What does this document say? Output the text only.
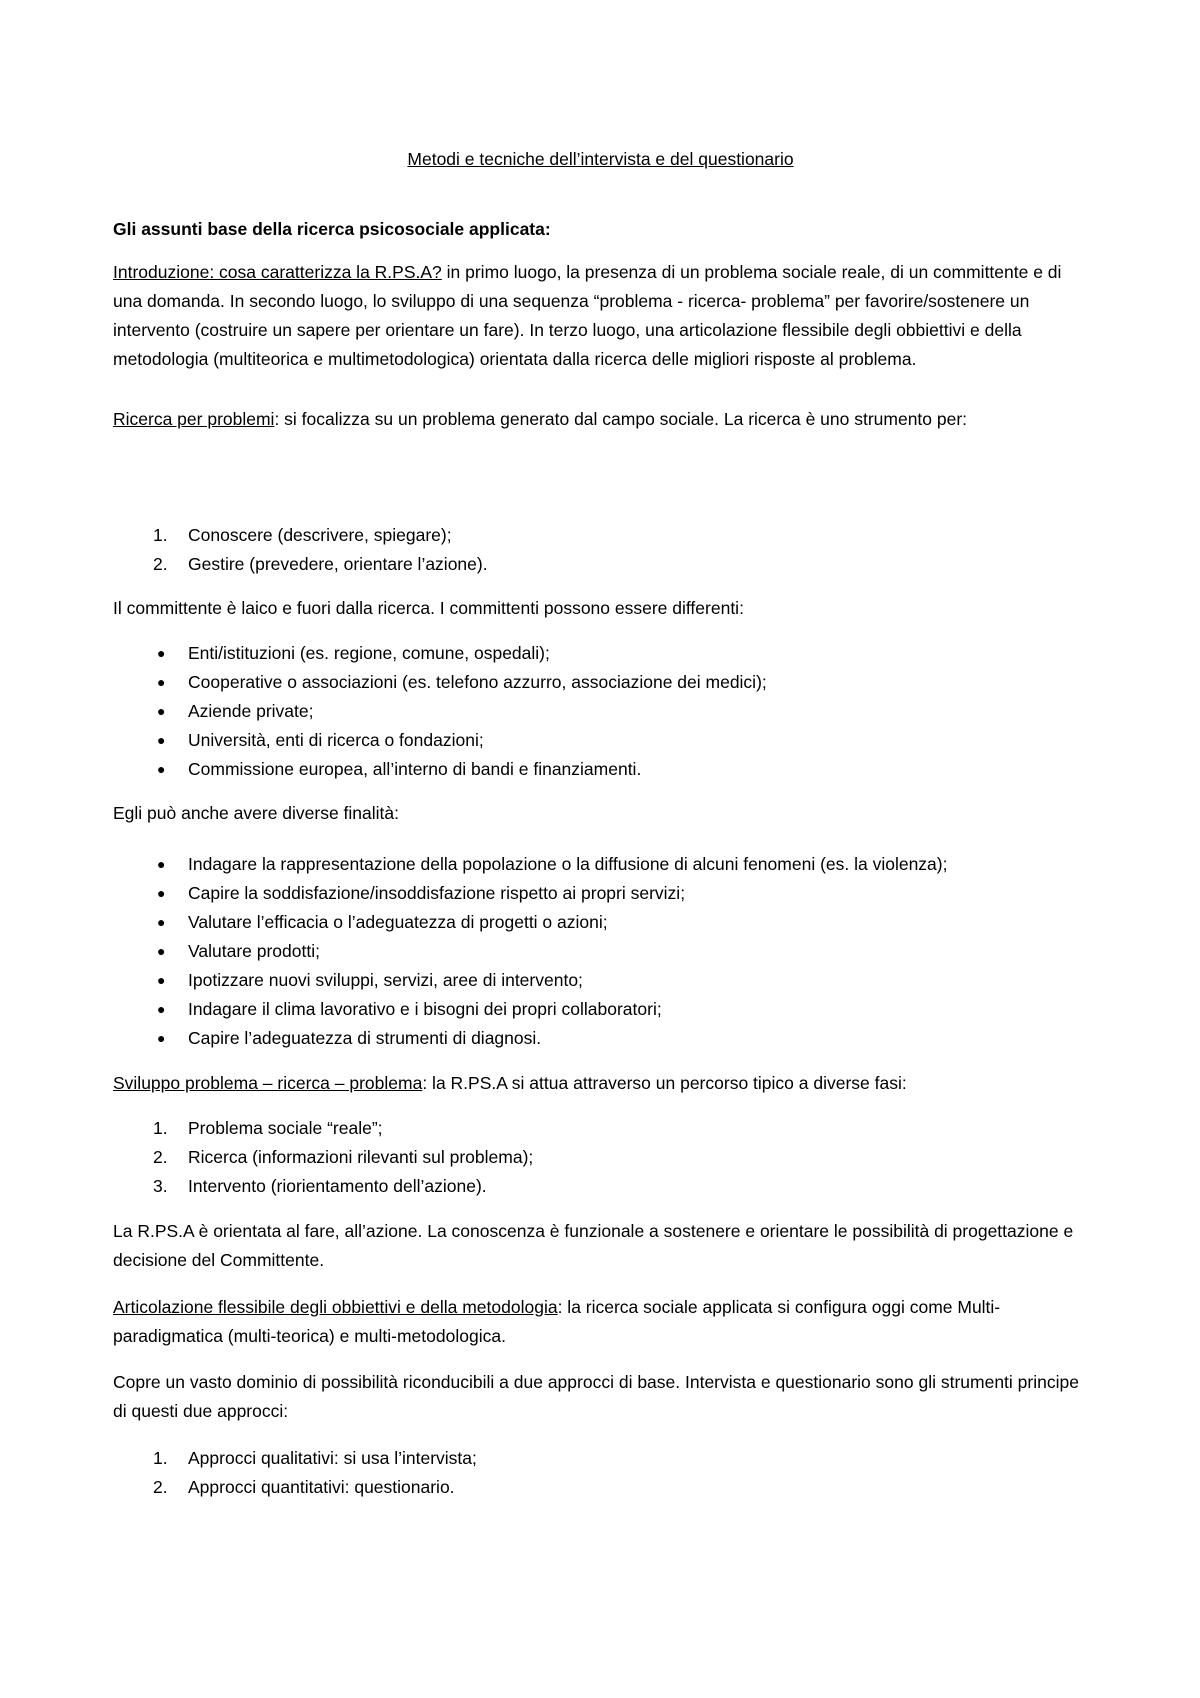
Metodi e tecniche dell’intervista e del questionario
Gli assunti base della ricerca psicosociale applicata:
Introduzione: cosa caratterizza la R.PS.A? in primo luogo, la presenza di un problema sociale reale, di un committente e di una domanda. In secondo luogo, lo sviluppo di una sequenza “problema - ricerca- problema” per favorire/sostenere un intervento (costruire un sapere per orientare un fare). In terzo luogo, una articolazione flessibile degli obbiettivi e della metodologia (multiteorica e multimetodologica) orientata dalla ricerca delle migliori risposte al problema.
Ricerca per problemi: si focalizza su un problema generato dal campo sociale. La ricerca è uno strumento per:
1.	Conoscere (descrivere, spiegare);
2.	Gestire (prevedere, orientare l’azione).
Il committente è laico e fuori dalla ricerca. I committenti possono essere differenti:
● Enti/istituzioni (es. regione, comune, ospedali);
● Cooperative o associazioni (es. telefono azzurro, associazione dei medici);
● Aziende private;
● Università, enti di ricerca o fondazioni;
● Commissione europea, all’interno di bandi e finanziamenti.
Egli può anche avere diverse finalità:
● Indagare la rappresentazione della popolazione o la diffusione di alcuni fenomeni (es. la violenza);
● Capire la soddisfazione/insoddisfazione rispetto ai propri servizi;
● Valutare l’efficacia o l’adeguatezza di progetti o azioni;
● Valutare prodotti;
● Ipotizzare nuovi sviluppi, servizi, aree di intervento;
● Indagare il clima lavorativo e i bisogni dei propri collaboratori;
● Capire l’adeguatezza di strumenti di diagnosi.
Sviluppo problema – ricerca – problema: la R.PS.A si attua attraverso un percorso tipico a diverse fasi:
1.	Problema sociale “reale”;
2.	Ricerca (informazioni rilevanti sul problema);
3.	Intervento (riorientamento dell’azione).
La R.PS.A è orientata al fare, all’azione. La conoscenza è funzionale a sostenere e orientare le possibilità di progettazione e decisione del Committente.
Articolazione flessibile degli obbiettivi e della metodologia: la ricerca sociale applicata si configura oggi come Multi-paradigmatica (multi-teorica) e multi-metodologica.
Copre un vasto dominio di possibilità riconducibili a due approcci di base. Intervista e questionario sono gli strumenti principe di questi due approcci:
1.	Approcci qualitativi: si usa l’intervista;
2.	Approcci quantitativi: questionario.
